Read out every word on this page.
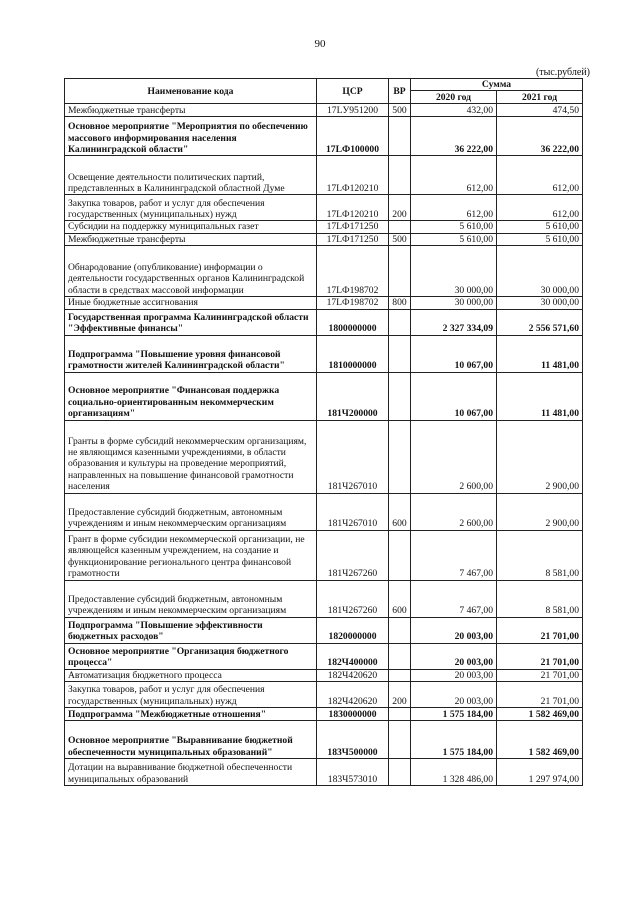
90
(тыс.рублей)
Наименование кода	ЦСР	ВР	Сумма	
			2020 год	2021 год
Межбюджетные трансферты	17LУ951200	500	432,00	474,50
Основное мероприятие "Мероприятия по обеспечению массового информирования населения Калининградской области"	17LФ100000		36 222,00	36 222,00
Освещение деятельности политических партий, представленных в Калининградской областной Думе	17LФ120210		612,00	612,00
Закупка товаров, работ и услуг для обеспечения государственных (муниципальных) нужд	17LФ120210	200	612,00	612,00
Субсидии на поддержку муниципальных газет	17LФ171250		5 610,00	5 610,00
Межбюджетные трансферты	17LФ171250	500	5 610,00	5 610,00
Обнародование (опубликование) информации о деятельности государственных органов Калининградской области в средствах массовой информации	17LФ198702		30 000,00	30 000,00
Иные бюджетные ассигнования	17LФ198702	800	30 000,00	30 000,00
Государственная программа Калининградской области "Эффективные финансы"	1800000000		2 327 334,09	2 556 571,60
Подпрограмма "Повышение уровня финансовой грамотности жителей Калининградской области"	1810000000		10 067,00	11 481,00
Основное мероприятие "Финансовая поддержка социально-ориентированным некоммерческим организациям"	181Ч200000		10 067,00	11 481,00
Гранты в форме субсидий некоммерческим организациям, не являющимся казенными учреждениями, в области образования и культуры на проведение мероприятий, направленных на повышение финансовой грамотности населения	181Ч267010		2 600,00	2 900,00
Предоставление субсидий бюджетным, автономным учреждениям и иным некоммерческим организациям	181Ч267010	600	2 600,00	2 900,00
Грант в форме субсидии некоммерческой организации, не являющейся казенным учреждением, на создание и функционирование регионального центра финансовой грамотности	181Ч267260		7 467,00	8 581,00
Предоставление субсидий бюджетным, автономным учреждениям и иным некоммерческим организациям	181Ч267260	600	7 467,00	8 581,00
Подпрограмма "Повышение эффективности бюджетных расходов"	1820000000		20 003,00	21 701,00
Основное мероприятие "Организация бюджетного процесса"	182Ч400000		20 003,00	21 701,00
Автоматизация бюджетного процесса	182Ч420620		20 003,00	21 701,00
Закупка товаров, работ и услуг для обеспечения государственных (муниципальных) нужд	182Ч420620	200	20 003,00	21 701,00
Подпрограмма "Межбюджетные отношения"	1830000000		1 575 184,00	1 582 469,00
Основное мероприятие "Выравнивание бюджетной обеспеченности муниципальных образований"	183Ч500000		1 575 184,00	1 582 469,00
Дотации на выравнивание бюджетной обеспеченности муниципальных образований	183Ч573010		1 328 486,00	1 297 974,00
